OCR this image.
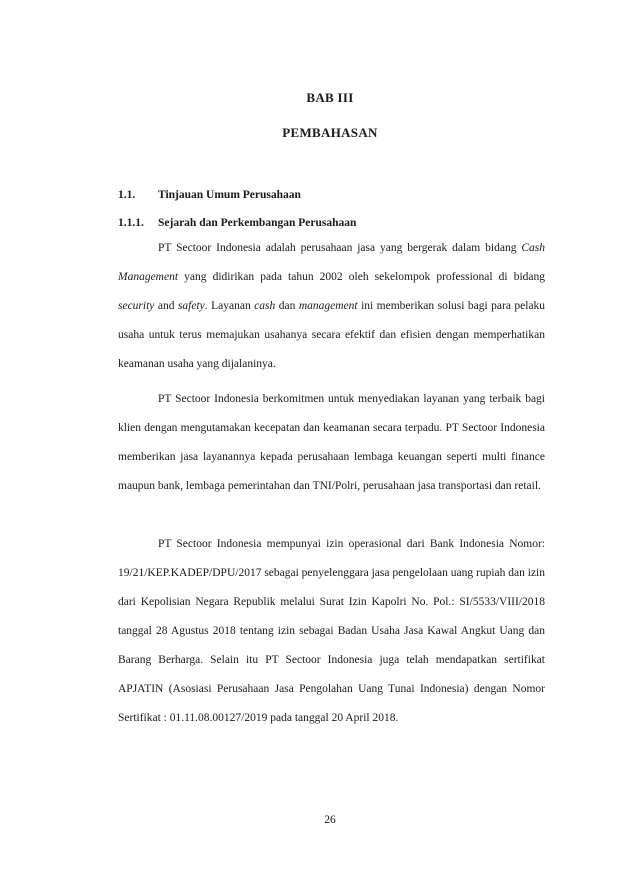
BAB III
PEMBAHASAN
1.1. Tinjauan Umum Perusahaan
1.1.1. Sejarah dan Perkembangan Perusahaan

PT Sectoor Indonesia adalah perusahaan jasa yang bergerak dalam bidang Cash Management yang didirikan pada tahun 2002 oleh sekelompok professional di bidang security and safety. Layanan cash dan management ini memberikan solusi bagi para pelaku usaha untuk terus memajukan usahanya secara efektif dan efisien dengan memperhatikan keamanan usaha yang dijalaninya.

PT Sectoor Indonesia berkomitmen untuk menyediakan layanan yang terbaik bagi klien dengan mengutamakan kecepatan dan keamanan secara terpadu. PT Sectoor Indonesia memberikan jasa layanannya kepada perusahaan lembaga keuangan seperti multi finance maupun bank, lembaga pemerintahan dan TNI/Polri, perusahaan jasa transportasi dan retail.

PT Sectoor Indonesia mempunyai izin operasional dari Bank Indonesia Nomor: 19/21/KEP.KADEP/DPU/2017 sebagai penyelenggara jasa pengelolaan uang rupiah dan izin dari Kepolisian Negara Republik melalui Surat Izin Kapolri No. Pol.: SI/5533/VIII/2018 tanggal 28 Agustus 2018 tentang izin sebagai Badan Usaha Jasa Kawal Angkut Uang dan Barang Berharga. Selain itu PT Sectoor Indonesia juga telah mendapatkan sertifikat APJATIN (Asosiasi Perusahaan Jasa Pengolahan Uang Tunai Indonesia) dengan Nomor Sertifikat : 01.11.08.00127/2019 pada tanggal 20 April 2018.

26
